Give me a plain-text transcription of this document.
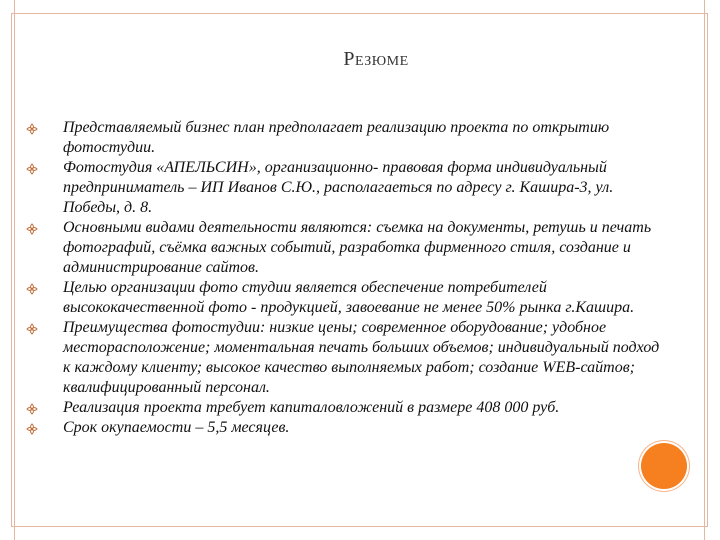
Резюме
Представляемый бизнес план предполагает реализацию проекта по открытию фотостудии.
Фотостудия «АПЕЛЬСИН», организационно- правовая форма индивидуальный предприниматель – ИП Иванов С.Ю., располагаеться по адресу г. Кашира-3, ул. Победы, д. 8.
Основными видами деятельности являются: съемка на документы, ретушь и печать фотографий, съёмка важных событий, разработка фирменного стиля, создание и администрирование сайтов.
Целью организации фото студии является обеспечение потребителей высококачественной фото - продукцией, завоевание не менее 50% рынка г.Кашира.
Преимущества фотостудии: низкие цены; современное оборудование; удобное месторасположение; моментальная печать больших объемов; индивидуальный подход к каждому клиенту; высокое качество выполняемых работ; создание WEB-сайтов; квалифицированный персонал.
Реализация проекта требует капиталовложений в размере 408 000 руб.
Срок окупаемости – 5,5 месяцев.
